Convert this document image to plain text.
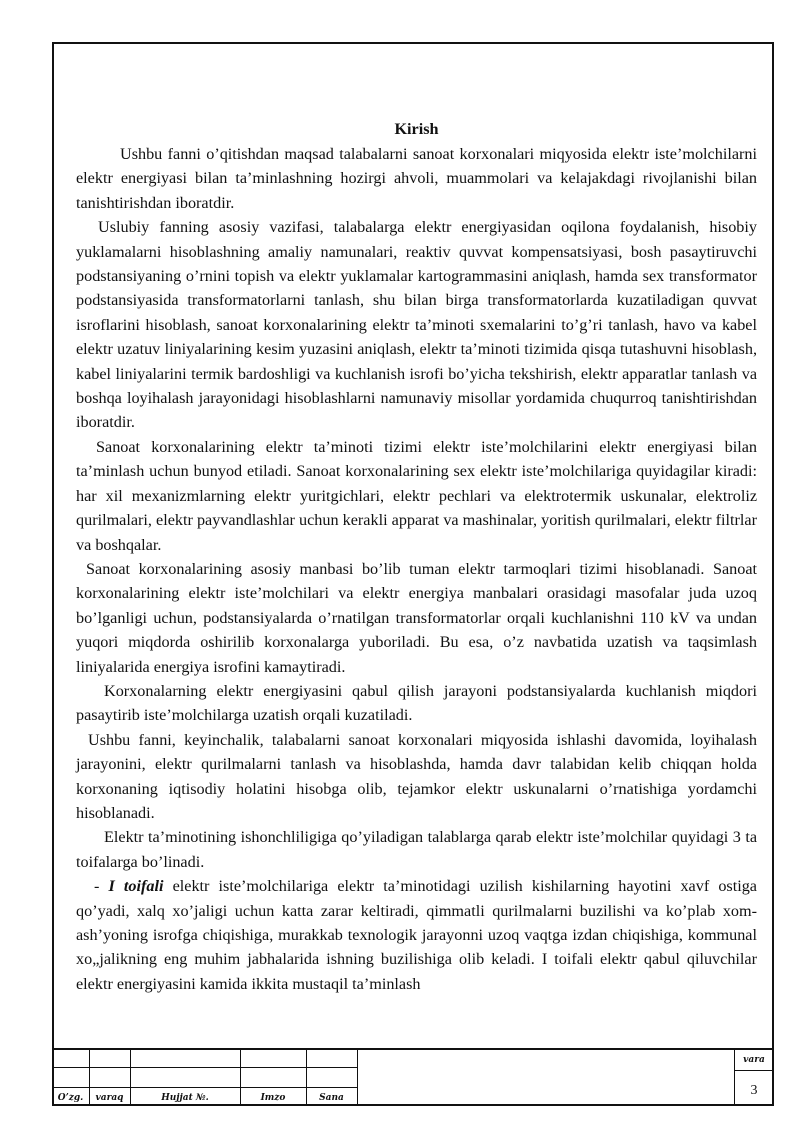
Kirish

Ushbu fanni o’qitishdan maqsad talabalarni sanoat korxonalari miqyosida elektr iste’molchilarni elektr energiyasi bilan ta’minlashning hozirgi ahvoli, muammolari va kelajakdagi rivojlanishi bilan tanishtirishdan iboratdir.

Uslubiy fanning asosiy vazifasi, talabalarga elektr energiyasidan oqilona foydalanish, hisobiy yuklamalarni hisoblashning amaliy namunalari, reaktiv quvvat kompensatsiyasi, bosh pasaytiruvchi podstansiyaning o’rnini topish va elektr yuklamalar kartogrammasini aniqlash, hamda sex transformator podstansiyasida transformatorlarni tanlash, shu bilan birga transformatorlarda kuzatiladigan quvvat isroflarini hisoblash, sanoat korxonalarining elektr ta’minoti sxemalarini to’g’ri tanlash, havo va kabel elektr uzatuv liniyalarining kesim yuzasini aniqlash, elektr ta’minoti tizimida qisqa tutashuvni hisoblash, kabel liniyalarini termik bardoshligi va kuchlanish isrofi bo’yicha tekshirish, elektr apparatlar tanlash va boshqa loyihalash jarayonidagi hisoblashlarni namunaviy misollar yordamida chuqurroq tanishtirishdan iboratdir.

Sanoat korxonalarining elektr ta’minoti tizimi elektr iste’molchilarini elektr energiyasi bilan ta’minlash uchun bunyod etiladi. Sanoat korxonalarining sex elektr iste’molchilariga quyidagilar kiradi: har xil mexanizmlarning elektr yuritgichlari, elektr pechlari va elektrotermik uskunalar, elektroliz qurilmalari, elektr payvandlashlar uchun kerakli apparat va mashinalar, yoritish qurilmalari, elektr filtrlar va boshqalar.

Sanoat korxonalarining asosiy manbasi bo’lib tuman elektr tarmoqlari tizimi hisoblanadi. Sanoat korxonalarining elektr iste’molchilari va elektr energiya manbalari orasidagi masofalar juda uzoq bo’lganligi uchun, podstansiyalarda o’rnatilgan transformatorlar orqali kuchlanishni 110 kV va undan yuqori miqdorda oshirilib korxonalarga yuboriladi. Bu esa, o’z navbatida uzatish va taqsimlash liniyalarida energiya isrofini kamaytiradi.

Korxonalarning elektr energiyasini qabul qilish jarayoni podstansiyalarda kuchlanish miqdori pasaytirib iste’molchilarga uzatish orqali kuzatiladi.

Ushbu fanni, keyinchalik, talabalarni sanoat korxonalari miqyosida ishlashi davomida, loyihalash jarayonini, elektr qurilmalarni tanlash va hisoblashda, hamda davr talabidan kelib chiqqan holda korxonaning iqtisodiy holatini hisobga olib, tejamkor elektr uskunalarni o’rnatishiga yordamchi hisoblanadi.

Elektr ta’minotining ishonchliligiga qo’yiladigan talablarga qarab elektr iste’molchilar quyidagi 3 ta toifalarga bo’linadi.

- I toifali elektr iste’molchilariga elektr ta’minotidagi uzilish kishilarning hayotini xavf ostiga qo’yadi, xalq xo’jaligi uchun katta zarar keltiradi, qimmatli qurilmalarni buzilishi va ko’plab xom-ash’yoning isrofga chiqishiga, murakkab texnologik jarayonni uzoq vaqtga izdan chiqishiga, kommunal xo„jalikning eng muhim jabhalarida ishning buzilishiga olib keladi. I toifali elektr qabul qiluvchilar elektr energiyasini kamida ikkita mustaqil ta’minlash

O’zg.	varaq	Hujjat №.	Imzo	Sana
vara
3
